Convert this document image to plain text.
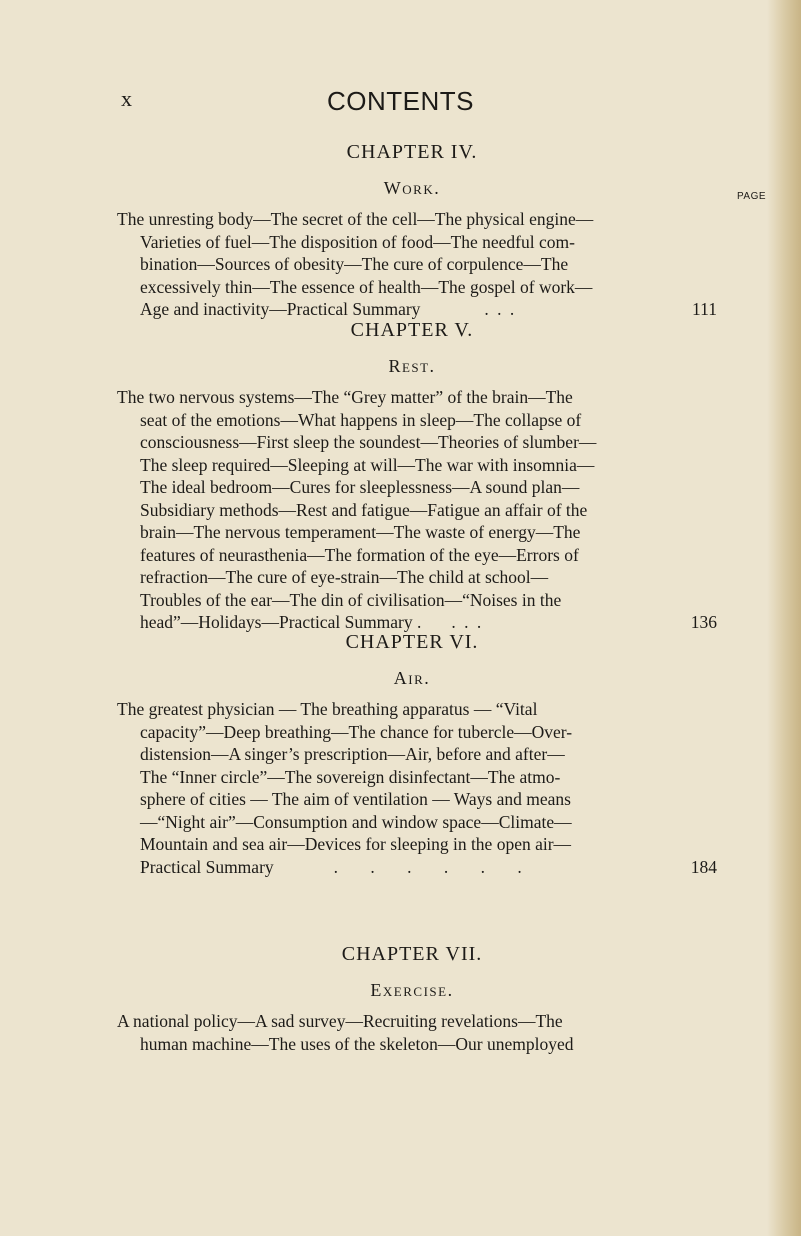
x	CONTENTS
PAGE
CHAPTER IV.
Work.
The unresting body—The secret of the cell—The physical engine—
Varieties of fuel—The disposition of food—The needful com-
bination—Sources of obesity—The cure of corpulence—The
excessively thin—The essence of health—The gospel of work—
Age and inactivity—Practical Summary	. . .	111
CHAPTER V.
Rest.
The two nervous systems—The “Grey matter” of the brain—The
seat of the emotions—What happens in sleep—The collapse of
consciousness—First sleep the soundest—Theories of slumber—
The sleep required—Sleeping at will—The war with insomnia—
The ideal bedroom—Cures for sleeplessness—A sound plan—
Subsidiary methods—Rest and fatigue—Fatigue an affair of the
brain—The nervous temperament—The waste of energy—The
features of neurasthenia—The formation of the eye—Errors of
refraction—The cure of eye-strain—The child at school—
Troubles of the ear—The din of civilisation—“Noises in the
head”—Holidays—Practical Summary . . . .	136
CHAPTER VI.
Air.
The greatest physician — The breathing apparatus — “Vital
capacity”—Deep breathing—The chance for tubercle—Over-
distension—A singer’s prescription—Air, before and after—
The “Inner circle”—The sovereign disinfectant—The atmo-
sphere of cities — The aim of ventilation — Ways and means
—“Night air”—Consumption and window space—Climate—
Mountain and sea air—Devices for sleeping in the open air—
Practical Summary	. . . . . .	184
CHAPTER VII.
Exercise.
A national policy—A sad survey—Recruiting revelations—The
human machine—The uses of the skeleton—Our unemployed
